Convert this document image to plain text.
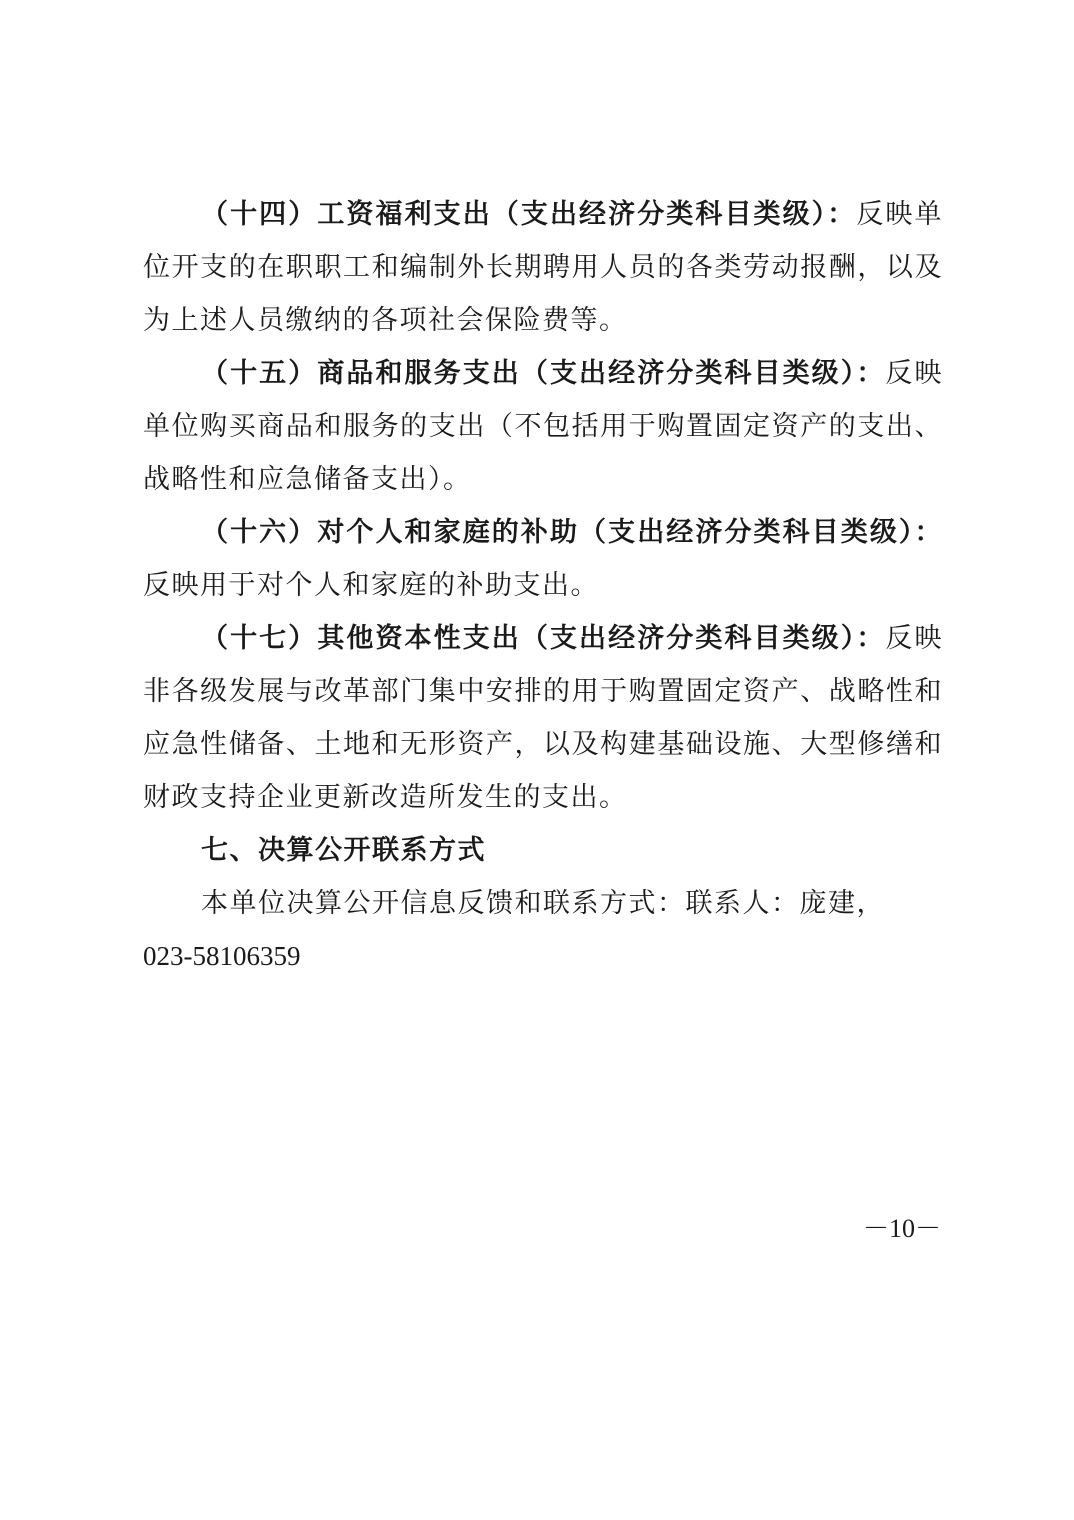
（十四）工资福利支出（支出经济分类科目类级）：反映单位开支的在职职工和编制外长期聘用人员的各类劳动报酬，以及为上述人员缴纳的各项社会保险费等。

（十五）商品和服务支出（支出经济分类科目类级）：反映单位购买商品和服务的支出（不包括用于购置固定资产的支出、战略性和应急储备支出）。

（十六）对个人和家庭的补助（支出经济分类科目类级）：反映用于对个人和家庭的补助支出。

（十七）其他资本性支出（支出经济分类科目类级）：反映非各级发展与改革部门集中安排的用于购置固定资产、战略性和应急性储备、土地和无形资产，以及构建基础设施、大型修缮和财政支持企业更新改造所发生的支出。

七、决算公开联系方式

本单位决算公开信息反馈和联系方式：联系人：庞建，

023-58106359

－10－
